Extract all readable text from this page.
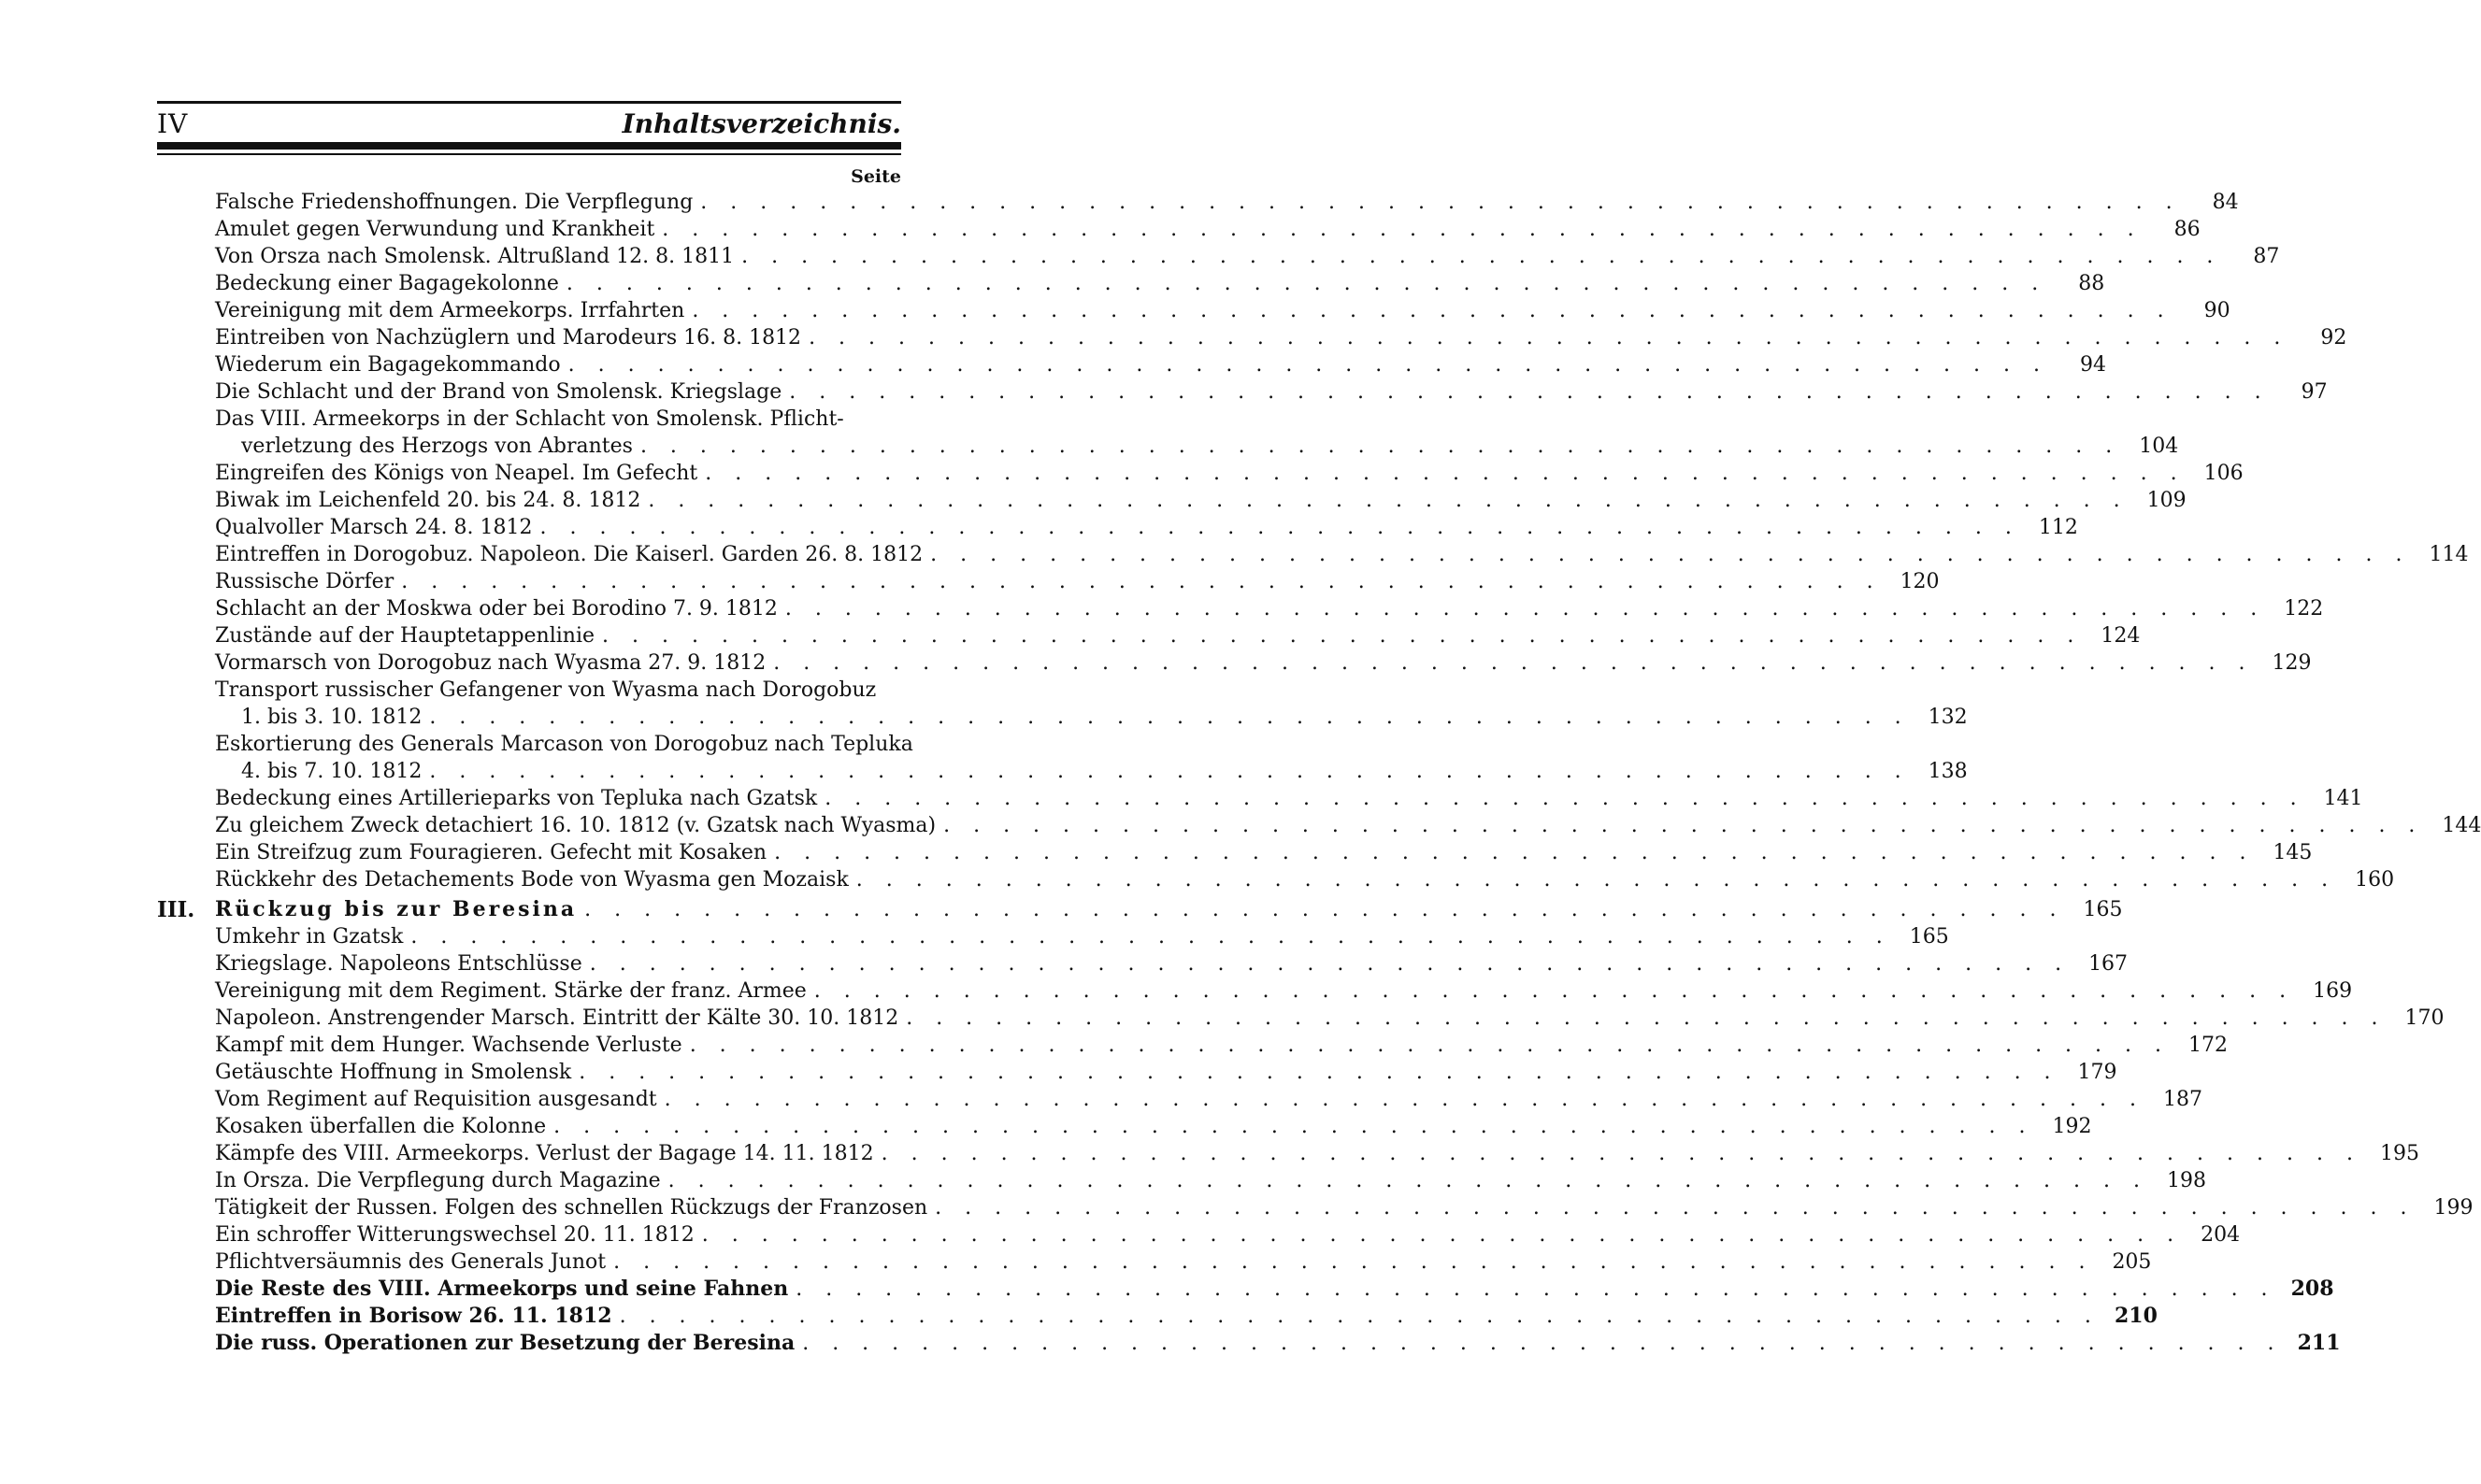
IV	Inhaltsverzeichnis.
Seite
Falsche Friedenshoffnungen. Die Verpflegung . . .	84
Amulet gegen Verwundung und Krankheit . . .	86
Von Orsza nach Smolensk. Altrußland 12. 8. 1811 . . .	87
Bedeckung einer Bagagekolonne . . .	88
Vereinigung mit dem Armeekorps. Irrfahrten . . .	90
Eintreiben von Nachzüglern und Marodeurs 16. 8. 1812 . . .	92
Wiederum ein Bagagekommando . . .	94
Die Schlacht und der Brand von Smolensk. Kriegslage . . .	97
Das VIII. Armeekorps in der Schlacht von Smolensk. Pflicht-
verletzung des Herzogs von Abrantes . . .	104
Eingreifen des Königs von Neapel. Im Gefecht . . .	106
Biwak im Leichenfeld 20. bis 24. 8. 1812 . . .	109
Qualvoller Marsch 24. 8. 1812 . . .	112
Eintreffen in Dorogobuz. Napoleon. Die Kaiserl. Garden 26. 8. 1812 . . .	114
Russische Dörfer . . .	120
Schlacht an der Moskwa oder bei Borodino 7. 9. 1812 . . .	122
Zustände auf der Hauptetappenlinie . . .	124
Vormarsch von Dorogobuz nach Wyasma 27. 9. 1812 . . .	129
Transport russischer Gefangener von Wyasma nach Dorogobuz
1. bis 3. 10. 1812 . . .	132
Eskortierung des Generals Marcason von Dorogobuz nach Tepluka
4. bis 7. 10. 1812 . . .	138
Bedeckung eines Artillerieparks von Tepluka nach Gzatsk . . .	141
Zu gleichem Zweck detachiert 16. 10. 1812 (v. Gzatsk nach Wyasma) . . .	144
Ein Streifzug zum Fouragieren. Gefecht mit Kosaken . . .	145
Rückkehr des Detachements Bode von Wyasma gen Mozaisk . . .	160
III. Rückzug bis zur Beresina . . .	165
Umkehr in Gzatsk . . .	165
Kriegslage. Napoleons Entschlüsse . . .	167
Vereinigung mit dem Regiment. Stärke der franz. Armee . . .	169
Napoleon. Anstrengender Marsch. Eintritt der Kälte 30. 10. 1812 . . .	170
Kampf mit dem Hunger. Wachsende Verluste . . .	172
Getäuschte Hoffnung in Smolensk . . .	179
Vom Regiment auf Requisition ausgesandt . . .	187
Kosaken überfallen die Kolonne . . .	192
Kämpfe des VIII. Armeekorps. Verlust der Bagage 14. 11. 1812 . . .	195
In Orsza. Die Verpflegung durch Magazine . . .	198
Tätigkeit der Russen. Folgen des schnellen Rückzugs der Franzosen . . .	199
Ein schroffer Witterungswechsel 20. 11. 1812 . . .	204
Pflichtversäumnis des Generals Junot . . .	205
Die Reste des VIII. Armeekorps und seine Fahnen . . .	208
Eintreffen in Borisow 26. 11. 1812 . . .	210
Die russ. Operationen zur Besetzung der Beresina . . .	211
